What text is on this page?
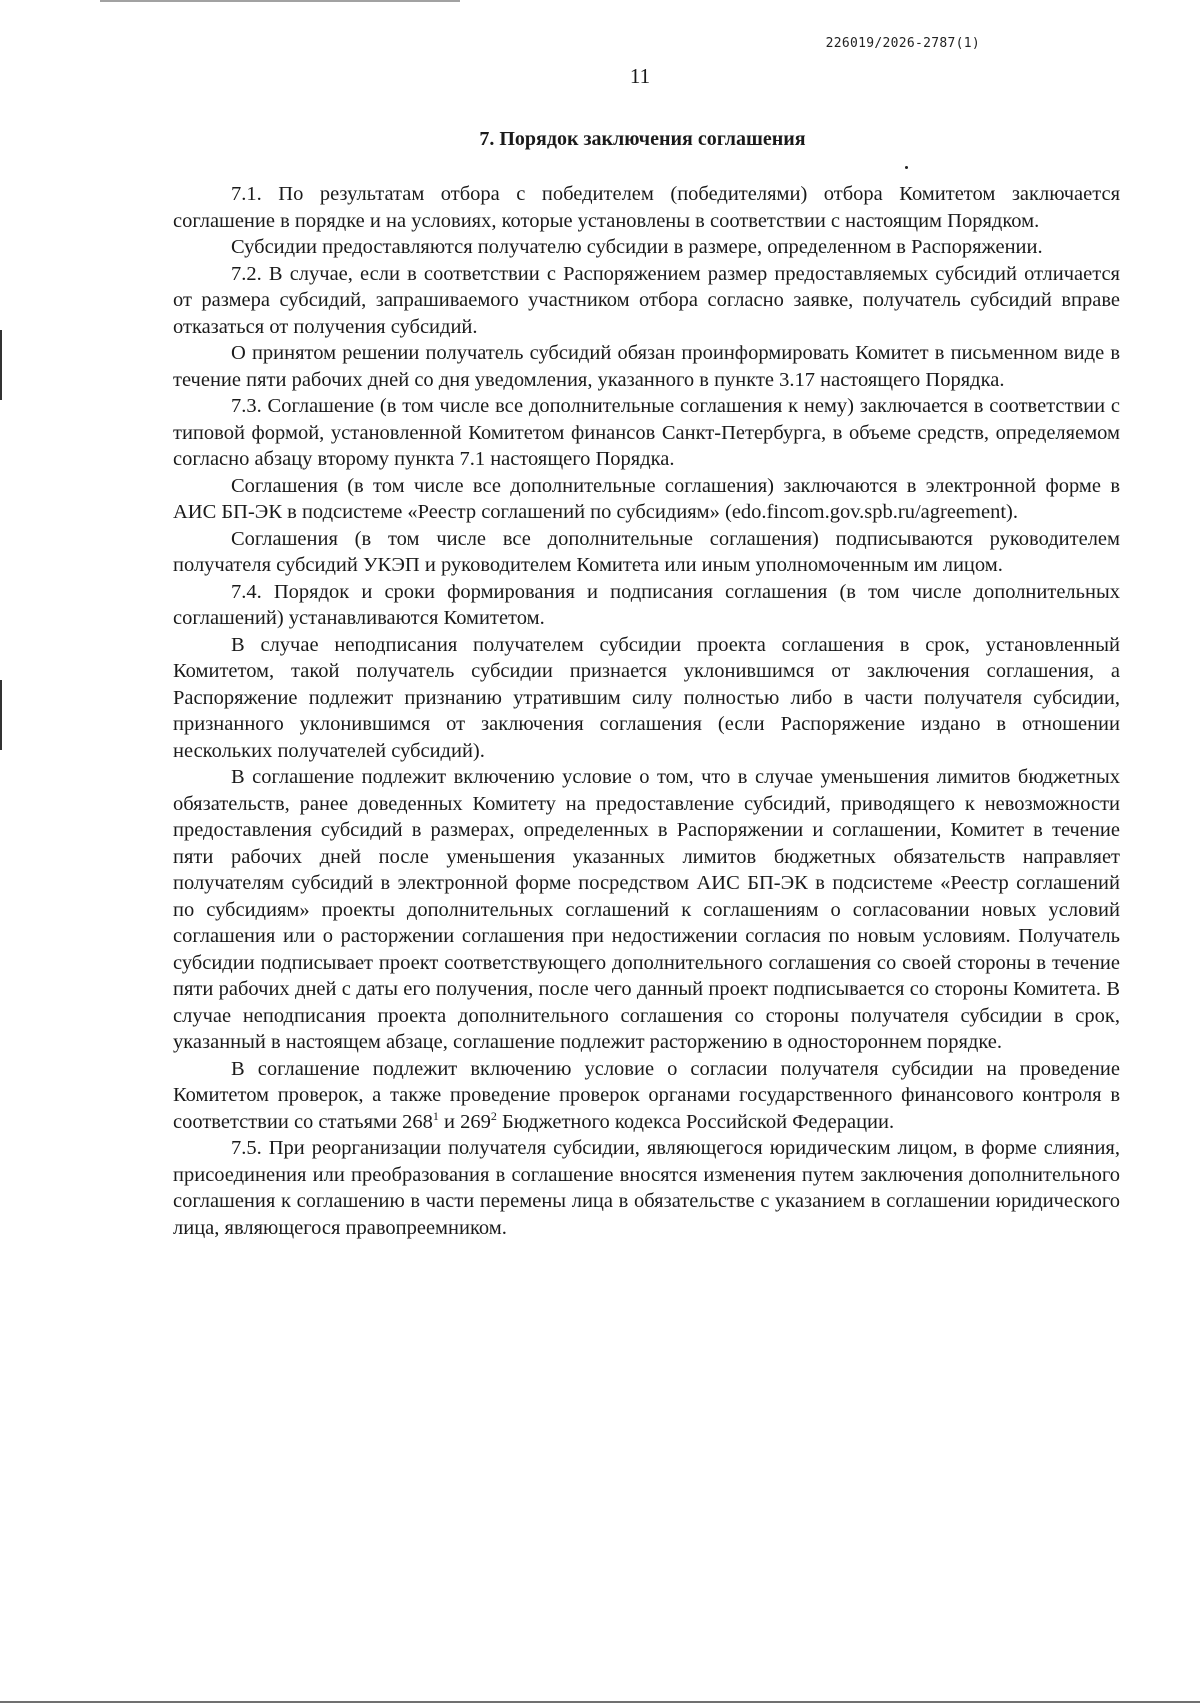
226019/2026-2787(1)
11
7. Порядок заключения соглашения

7.1. По результатам отбора с победителем (победителями) отбора Комитетом заключается соглашение в порядке и на условиях, которые установлены в соответствии с настоящим Порядком.

Субсидии предоставляются получателю субсидии в размере, определенном в Распоряжении.

7.2. В случае, если в соответствии с Распоряжением размер предоставляемых субсидий отличается от размера субсидий, запрашиваемого участником отбора согласно заявке, получатель субсидий вправе отказаться от получения субсидий.

О принятом решении получатель субсидий обязан проинформировать Комитет в письменном виде в течение пяти рабочих дней со дня уведомления, указанного в пункте 3.17 настоящего Порядка.

7.3. Соглашение (в том числе все дополнительные соглашения к нему) заключается в соответствии с типовой формой, установленной Комитетом финансов Санкт-Петербурга, в объеме средств, определяемом согласно абзацу второму пункта 7.1 настоящего Порядка.

Соглашения (в том числе все дополнительные соглашения) заключаются в электронной форме в АИС БП-ЭК в подсистеме «Реестр соглашений по субсидиям» (edo.fincom.gov.spb.ru/agreement).

Соглашения (в том числе все дополнительные соглашения) подписываются руководителем получателя субсидий УКЭП и руководителем Комитета или иным уполномоченным им лицом.

7.4. Порядок и сроки формирования и подписания соглашения (в том числе дополнительных соглашений) устанавливаются Комитетом.

В случае неподписания получателем субсидии проекта соглашения в срок, установленный Комитетом, такой получатель субсидии признается уклонившимся от заключения соглашения, а Распоряжение подлежит признанию утратившим силу полностью либо в части получателя субсидии, признанного уклонившимся от заключения соглашения (если Распоряжение издано в отношении нескольких получателей субсидий).

В соглашение подлежит включению условие о том, что в случае уменьшения лимитов бюджетных обязательств, ранее доведенных Комитету на предоставление субсидий, приводящего к невозможности предоставления субсидий в размерах, определенных в Распоряжении и соглашении, Комитет в течение пяти рабочих дней после уменьшения указанных лимитов бюджетных обязательств направляет получателям субсидий в электронной форме посредством АИС БП-ЭК в подсистеме «Реестр соглашений по субсидиям» проекты дополнительных соглашений к соглашениям о согласовании новых условий соглашения или о расторжении соглашения при недостижении согласия по новым условиям. Получатель субсидии подписывает проект соответствующего дополнительного соглашения со своей стороны в течение пяти рабочих дней с даты его получения, после чего данный проект подписывается со стороны Комитета. В случае неподписания проекта дополнительного соглашения со стороны получателя субсидии в срок, указанный в настоящем абзаце, соглашение подлежит расторжению в одностороннем порядке.

В соглашение подлежит включению условие о согласии получателя субсидии на проведение Комитетом проверок, а также проведение проверок органами государственного финансового контроля в соответствии со статьями $268^1$ и $269^2$ Бюджетного кодекса Российской Федерации.

7.5. При реорганизации получателя субсидии, являющегося юридическим лицом, в форме слияния, присоединения или преобразования в соглашение вносятся изменения путем заключения дополнительного соглашения к соглашению в части перемены лица в обязательстве с указанием в соглашении юридического лица, являющегося правопреемником.
